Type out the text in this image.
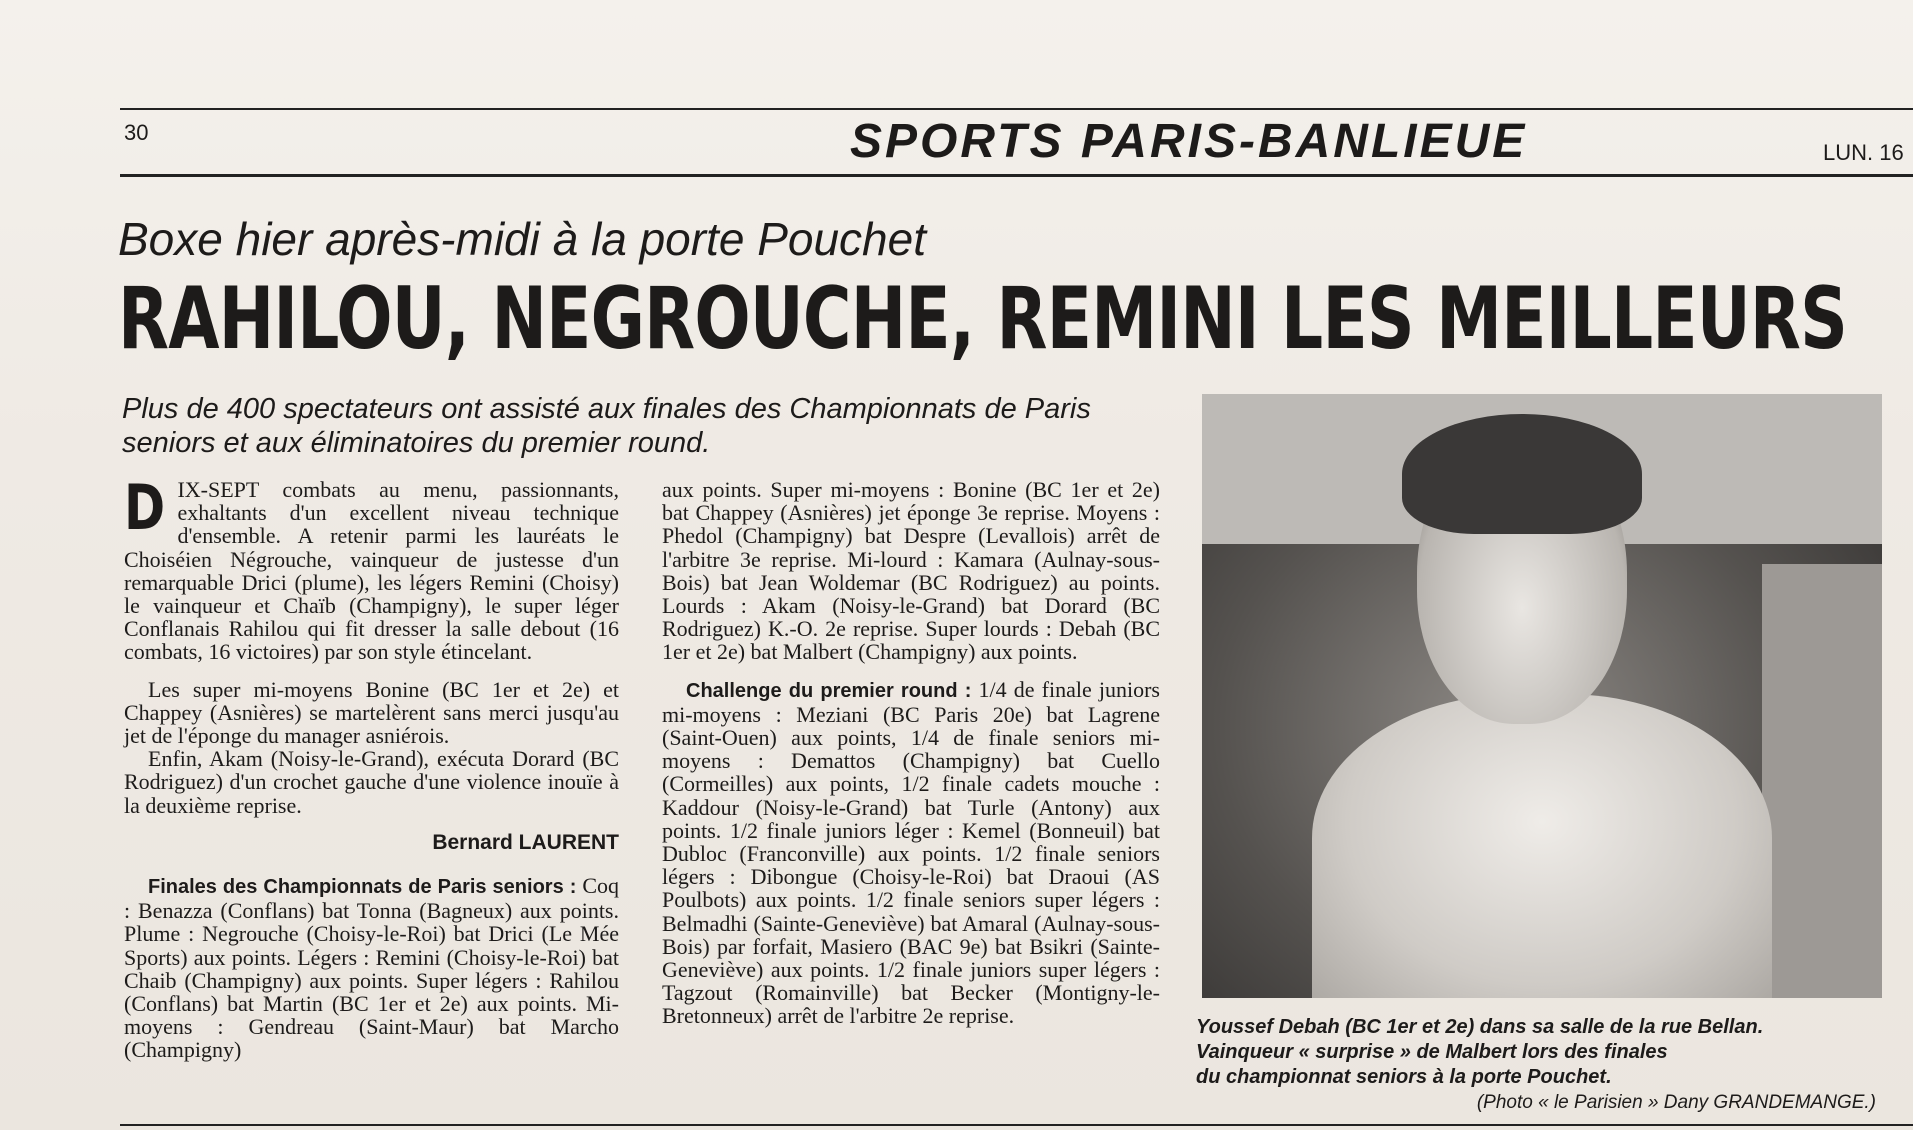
30	SPORTS PARIS-BANLIEUE	LUN. 16
Boxe hier après-midi à la porte Pouchet
RAHILOU, NEGROUCHE, REMINI LES MEILLEURS
Plus de 400 spectateurs ont assisté aux finales des Championnats de Paris seniors et aux éliminatoires du premier round.

DIX-SEPT combats au menu, passionnants, exhaltants d'un excellent niveau technique d'ensemble. A retenir parmi les lauréats le Choiséien Négrouche, vainqueur de justesse d'un remarquable Drici (plume), les légers Remini (Choisy) le vainqueur et Chaïb (Champigny), le super léger Conflanais Rahilou qui fit dresser la salle debout (16 combats, 16 victoires) par son style étincelant.

Les super mi-moyens Bonine (BC 1er et 2e) et Chappey (Asnières) se martelèrent sans merci jusqu'au jet de l'éponge du manager asniérois.

Enfin, Akam (Noisy-le-Grand), exécuta Dorard (BC Rodriguez) d'un crochet gauche d'une violence inouïe à la deuxième reprise.

Bernard LAURENT

Finales des Championnats de Paris seniors : Coq : Benazza (Conflans) bat Tonna (Bagneux) aux points. Plume : Negrouche (Choisy-le-Roi) bat Drici (Le Mée Sports) aux points. Légers : Remini (Choisy-le-Roi) bat Chaib (Champigny) aux points. Super légers : Rahilou (Conflans) bat Martin (BC 1er et 2e) aux points. Mi-moyens : Gendreau (Saint-Maur) bat Marcho (Champigny)

aux points. Super mi-moyens : Bonine (BC 1er et 2e) bat Chappey (Asnières) jet éponge 3e reprise. Moyens : Phedol (Champigny) bat Despre (Levallois) arrêt de l'arbitre 3e reprise. Mi-lourd : Kamara (Aulnay-sous-Bois) bat Jean Woldemar (BC Rodriguez) au points. Lourds : Akam (Noisy-le-Grand) bat Dorard (BC Rodriguez) K.-O. 2e reprise. Super lourds : Debah (BC 1er et 2e) bat Malbert (Champigny) aux points.

Challenge du premier round : 1/4 de finale juniors mi-moyens : Meziani (BC Paris 20e) bat Lagrene (Saint-Ouen) aux points, 1/4 de finale seniors mi-moyens : Demattos (Champigny) bat Cuello (Cormeilles) aux points, 1/2 finale cadets mouche : Kaddour (Noisy-le-Grand) bat Turle (Antony) aux points. 1/2 finale juniors léger : Kemel (Bonneuil) bat Dubloc (Franconville) aux points. 1/2 finale seniors légers : Dibongue (Choisy-le-Roi) bat Draoui (AS Poulbots) aux points. 1/2 finale seniors super légers : Belmadhi (Sainte-Geneviève) bat Amaral (Aulnay-sous-Bois) par forfait, Masiero (BAC 9e) bat Bsikri (Sainte-Geneviève) aux points. 1/2 finale juniors super légers : Tagzout (Romainville) bat Becker (Montigny-le-Bretonneux) arrêt de l'arbitre 2e reprise.	Youssef Debah (BC 1er et 2e) dans sa salle de la rue Bellan.
Vainqueur « surprise » de Malbert lors des finales
du championnat seniors à la porte Pouchet.
(Photo « le Parisien » Dany GRANDEMANGE.)
